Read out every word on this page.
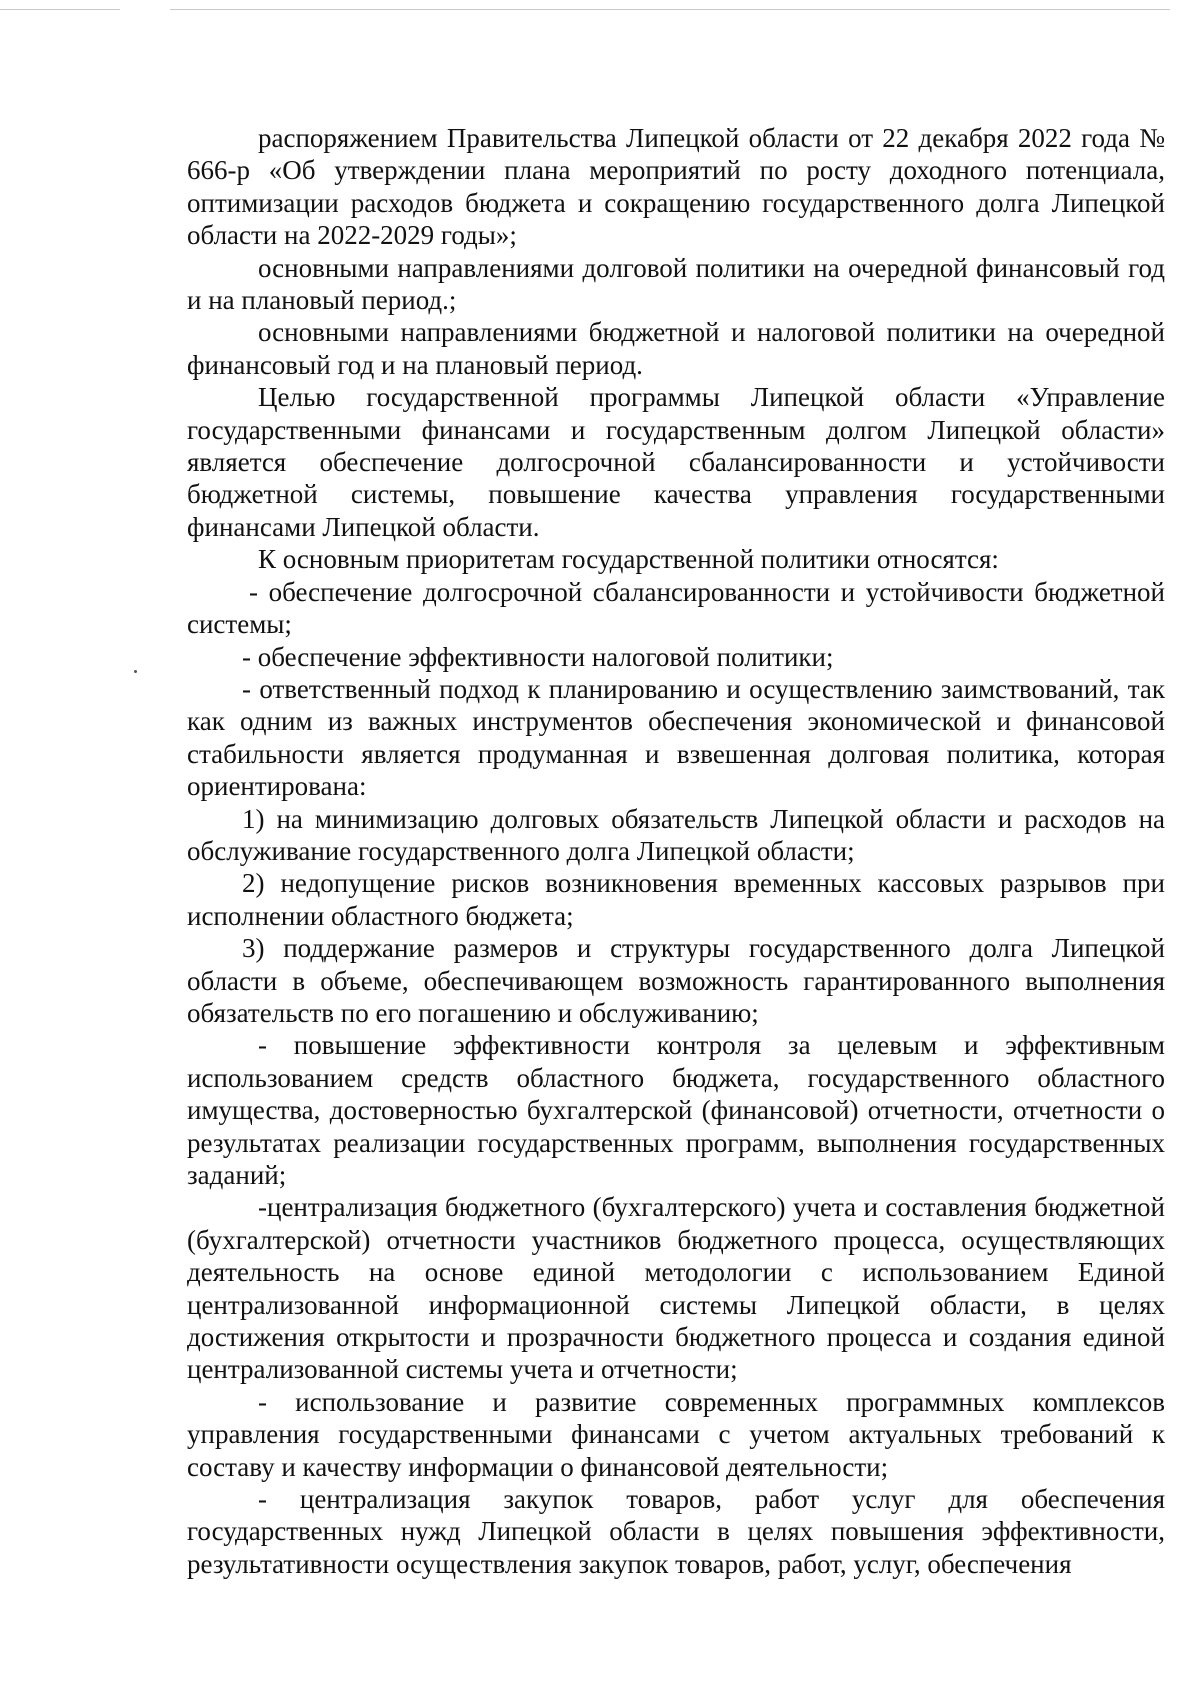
распоряжением Правительства Липецкой области от 22 декабря 2022 года № 666-р «Об утверждении плана мероприятий по росту доходного потенциала, оптимизации расходов бюджета и сокращению государственного долга Липецкой области на 2022-2029 годы»;

основными направлениями долговой политики на очередной финансовый год и на плановый период.;

основными направлениями бюджетной и налоговой политики на очередной финансовый год и на плановый период.

Целью государственной программы Липецкой области «Управление государственными финансами и государственным долгом Липецкой области» является обеспечение долгосрочной сбалансированности и устойчивости бюджетной системы, повышение качества управления государственными финансами Липецкой области.

К основным приоритетам государственной политики относятся:

- обеспечение долгосрочной сбалансированности и устойчивости бюджетной системы;

- обеспечение эффективности налоговой политики;

- ответственный подход к планированию и осуществлению заимствований, так как одним из важных инструментов обеспечения экономической и финансовой стабильности является продуманная и взвешенная долговая политика, которая ориентирована:

1) на минимизацию долговых обязательств Липецкой области и расходов на обслуживание государственного долга Липецкой области;

2) недопущение рисков возникновения временных кассовых разрывов при исполнении областного бюджета;

3) поддержание размеров и структуры государственного долга Липецкой области в объеме, обеспечивающем возможность гарантированного выполнения обязательств по его погашению и обслуживанию;

- повышение эффективности контроля за целевым и эффективным использованием средств областного бюджета, государственного областного имущества, достоверностью бухгалтерской (финансовой) отчетности, отчетности о результатах реализации государственных программ, выполнения государственных заданий;

-централизация бюджетного (бухгалтерского) учета и составления бюджетной (бухгалтерской) отчетности участников бюджетного процесса, осуществляющих деятельность на основе единой методологии с использованием Единой централизованной информационной системы Липецкой области, в целях достижения открытости и прозрачности бюджетного процесса и создания единой централизованной системы учета и отчетности;

- использование и развитие современных программных комплексов управления государственными финансами с учетом актуальных требований к составу и качеству информации о финансовой деятельности;

- централизация закупок товаров, работ услуг для обеспечения государственных нужд Липецкой области в целях повышения эффективности, результативности осуществления закупок товаров, работ, услуг, обеспечения
